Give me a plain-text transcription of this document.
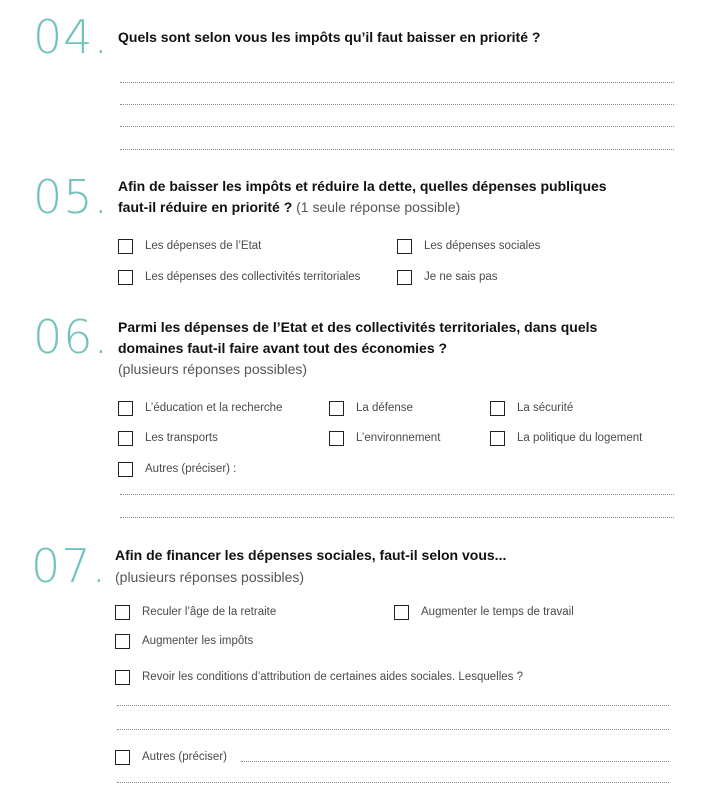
04. Quels sont selon vous les impôts qu’il faut baisser en priorité ?
05. Afin de baisser les impôts et réduire la dette, quelles dépenses publiques
faut-il réduire en priorité ? (1 seule réponse possible)
Les dépenses de l’Etat	Les dépenses sociales
Les dépenses des collectivités territoriales	Je ne sais pas
06. Parmi les dépenses de l’Etat et des collectivités territoriales, dans quels
domaines faut-il faire avant tout des économies ?
(plusieurs réponses possibles)
L’éducation et la recherche	La défense	La sécurité
Les transports	L’environnement	La politique du logement
Autres (préciser) :
07. Afin de financer les dépenses sociales, faut-il selon vous...
(plusieurs réponses possibles)
Reculer l’âge de la retraite	Augmenter le temps de travail
Augmenter les impôts
Revoir les conditions d’attribution de certaines aides sociales. Lesquelles ?
Autres (préciser)
